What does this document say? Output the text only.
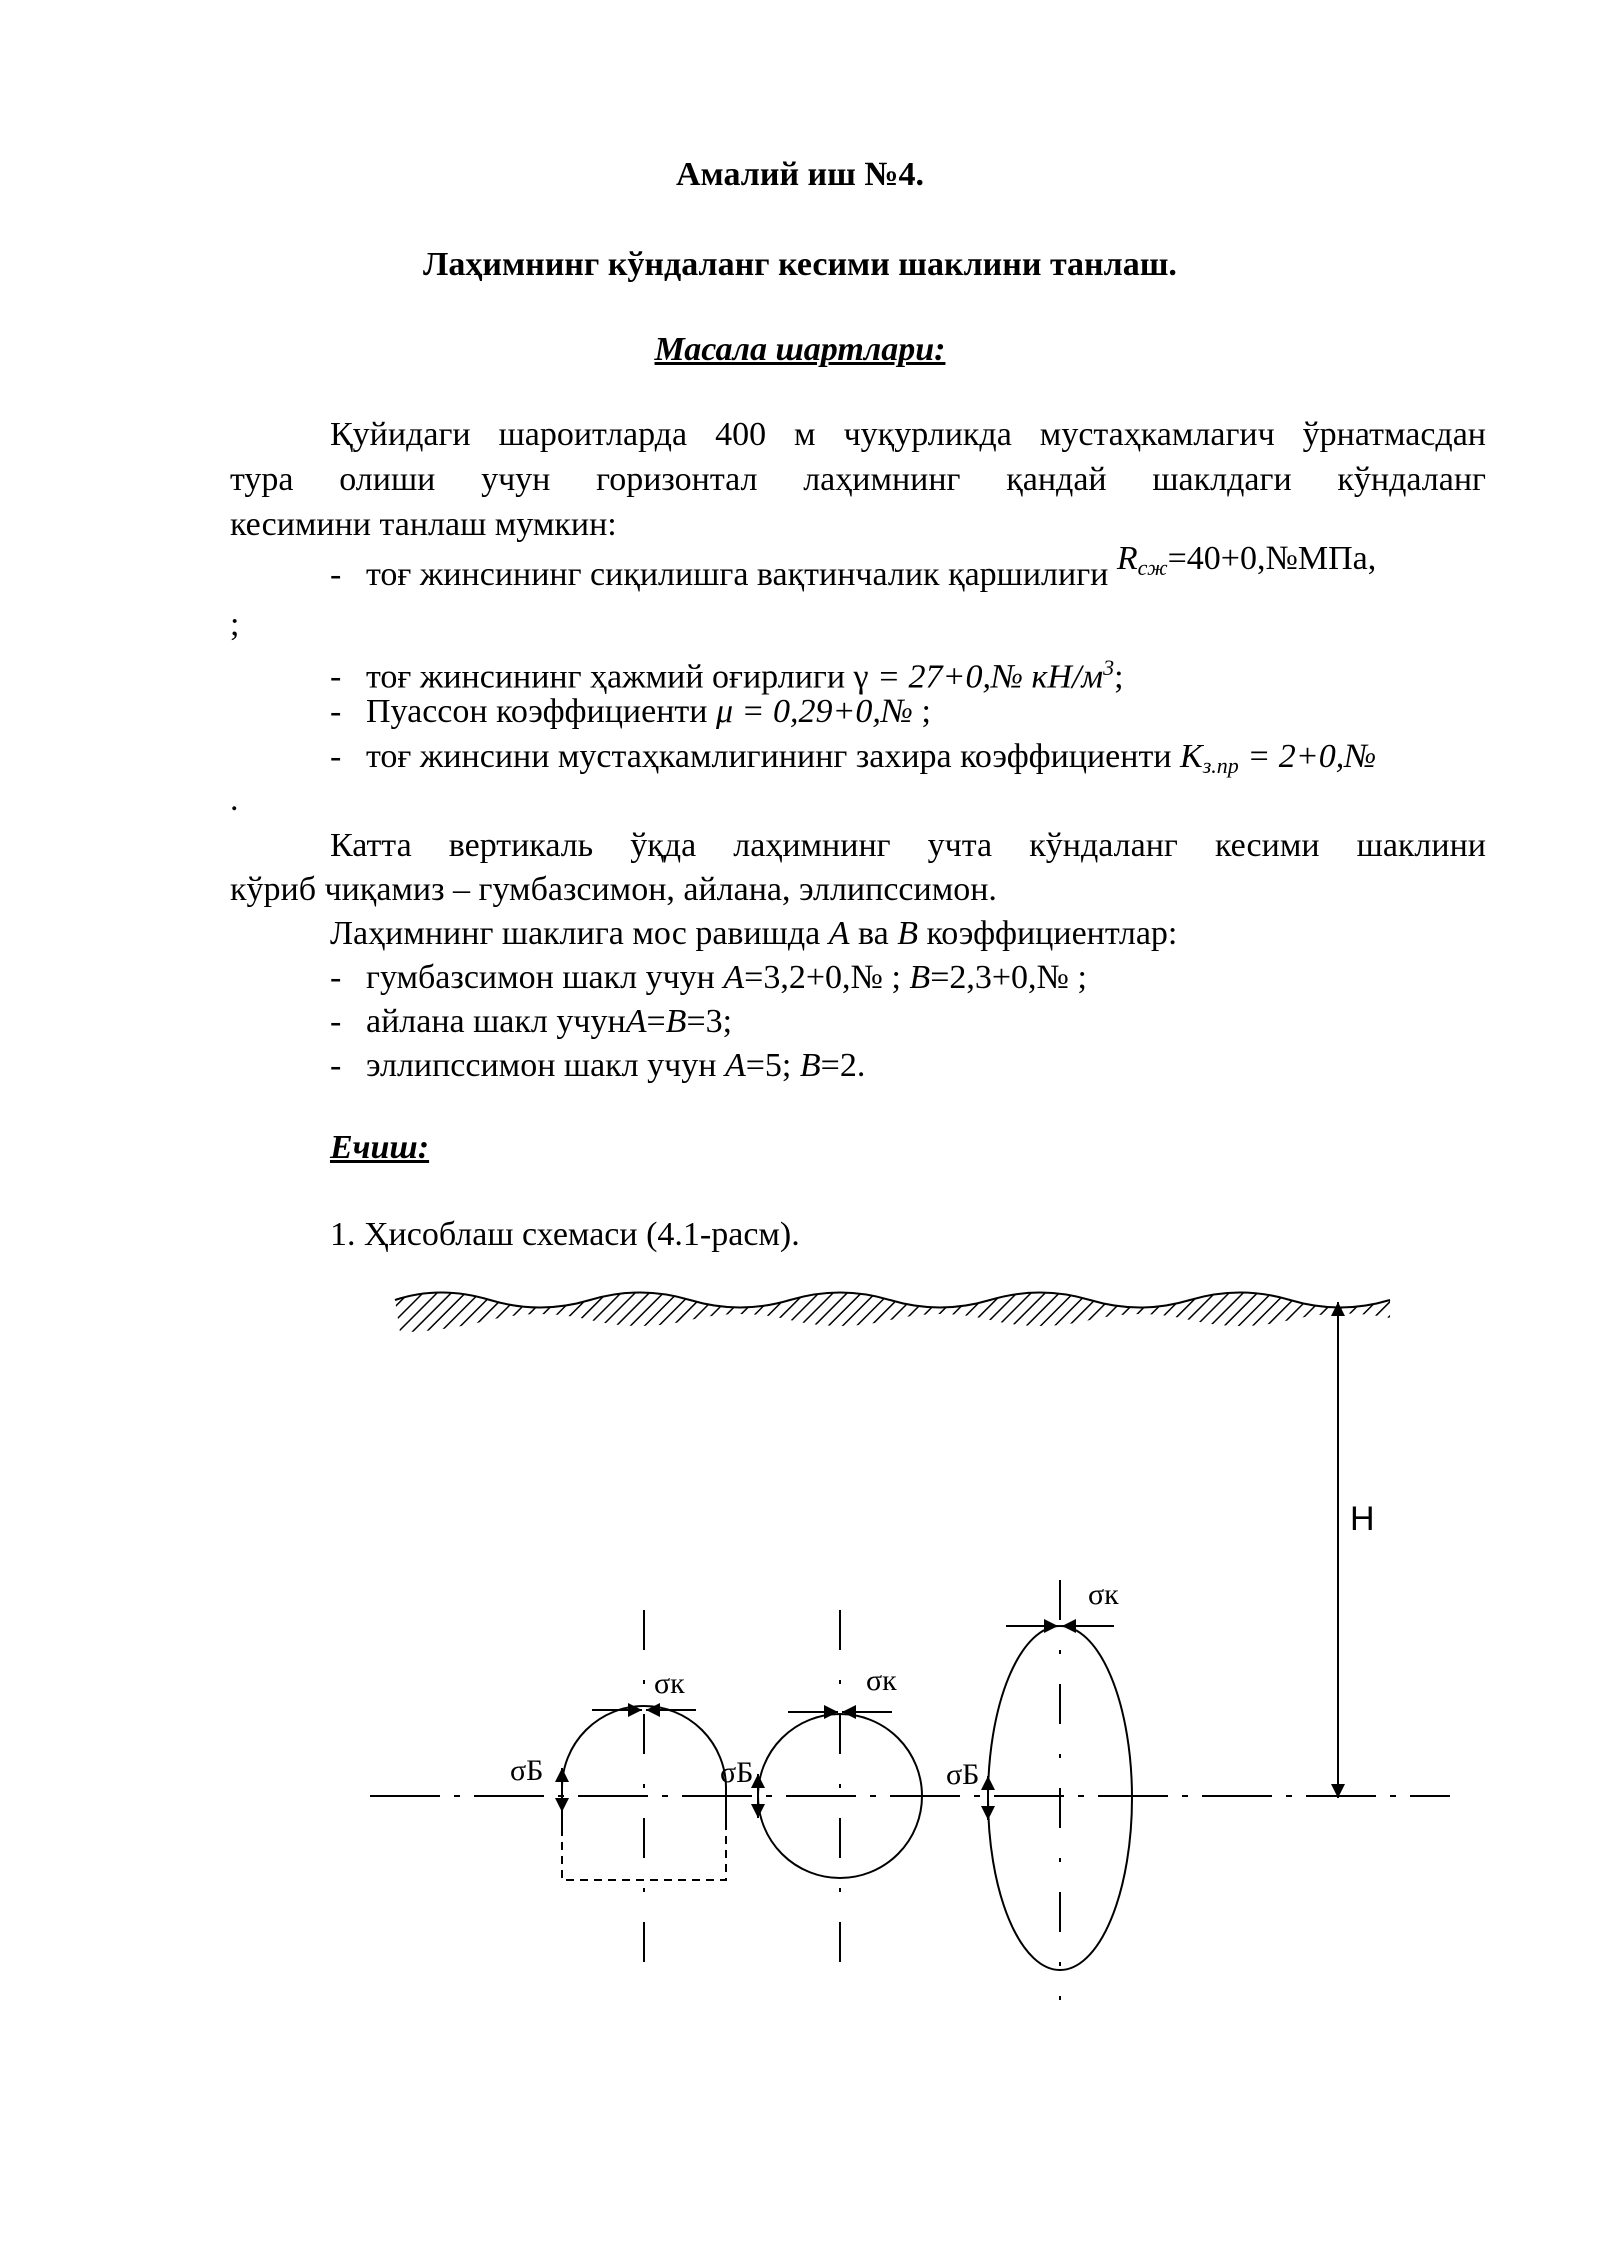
Амалий иш №4.
Лаҳимнинг кўндаланг кесими шаклини танлаш.
Масала шартлари:
Қуйидаги шароитларда 400 м чуқурликда мустаҳкамлагич ўрнатмасдан
тура олиши учун горизонтал лаҳимнинг қандай шаклдаги кўндаланг
кесимини танлаш мумкин:
- тоғ жинсининг сиқилишга вақтинчалик қаршилиги $R_{сж}=40+0,№МПа$,
;
- тоғ жинсининг ҳажмий оғирлиги γ = 27+0,№ $кН/м^3$;
- Пуассон коэффициенти μ = 0,29+0,№ ;
- тоғ жинсини мустаҳкамлигининг захира коэффициенти $K_{з.пр}$ = 2+0,№
.
Катта вертикаль ўқда лаҳимнинг учта кўндаланг кесими шаклини
кўриб чиқамиз – гумбазсимон, айлана, эллипссимон.
Лаҳимнинг шаклига мос равишда A ва B коэффициентлар:
- гумбазсимон шакл учун A=3,2+0,№ ; B=2,3+0,№ ;
- айлана шакл учунA=B=3;
- эллипссимон шакл учун A=5; B=2.
Ечиш:
1. Ҳисоблаш схемаси (4.1-расм).
H
σк
σБ
σк
σБ
σк
σБ
